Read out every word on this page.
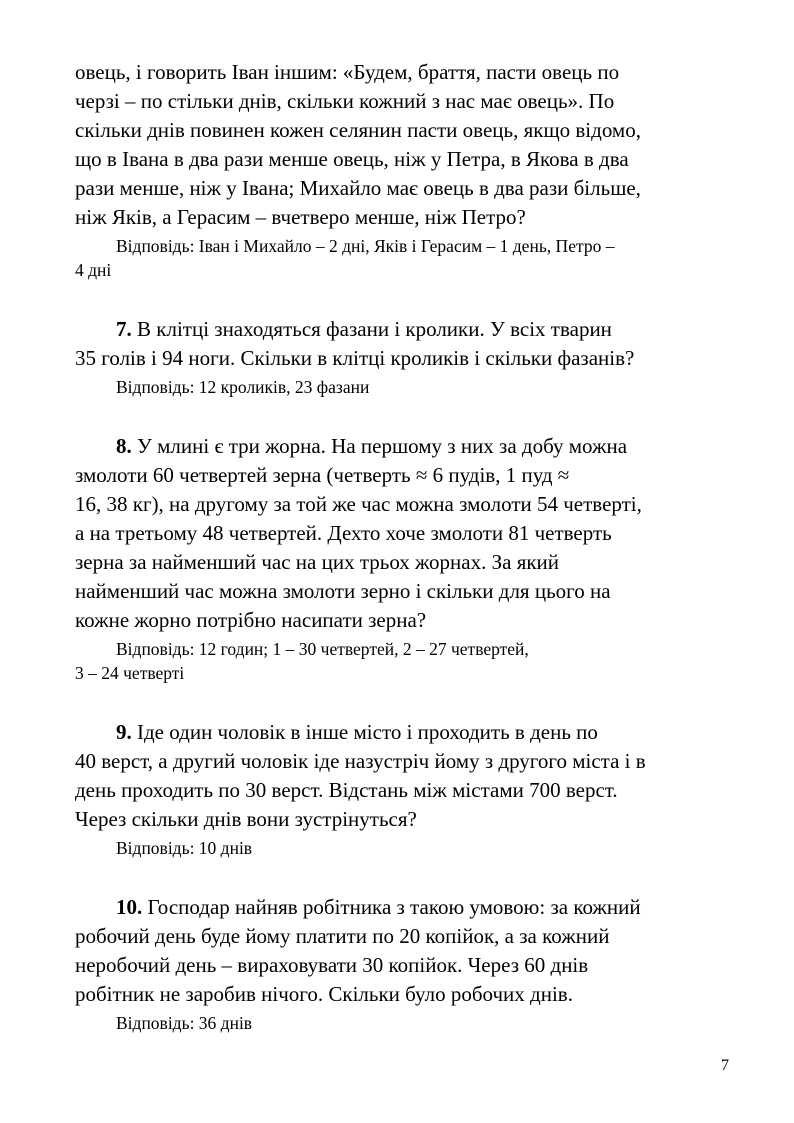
овець, і говорить Іван іншим: «Будем, браття, пасти овець по
черзі – по стільки днів, скільки кожний з нас має овець». По
скільки днів повинен кожен селянин пасти овець, якщо відомо,
що в Івана в два рази менше овець, ніж у Петра, в Якова в два
рази менше, ніж у Івана; Михайло має овець в два рази більше,
ніж Яків, а Герасим – вчетверо менше, ніж Петро?

Відповідь: Іван і Михайло – 2 дні, Яків і Герасим – 1 день, Петро –
4 дні

7. В клітці знаходяться фазани і кролики. У всіх тварин
35 голів і 94 ноги. Скільки в клітці кроликів і скільки фазанів?

Відповідь: 12 кроликів, 23 фазани

8. У млині є три жорна. На першому з них за добу можна
змолоти 60 четвертей зерна (четверть ≈ 6 пудів, 1 пуд ≈
16, 38 кг), на другому за той же час можна змолоти 54 четверті,
а на третьому 48 четвертей. Дехто хоче змолоти 81 четверть
зерна за найменший час на цих трьох жорнах. За який
найменший час можна змолоти зерно і скільки для цього на
кожне жорно потрібно насипати зерна?

Відповідь: 12 годин; 1 – 30 четвертей, 2 – 27 четвертей,
3 – 24 четверті

9. Іде один чоловік в інше місто і проходить в день по
40 верст, а другий чоловік іде назустріч йому з другого міста і в
день проходить по 30 верст. Відстань між містами 700 верст.
Через скільки днів вони зустрінуться?

Відповідь: 10 днів

10. Господар найняв робітника з такою умовою: за кожний
робочий день буде йому платити по 20 копійок, а за кожний
неробочий день – вираховувати 30 копійок. Через 60 днів
робітник не заробив нічого. Скільки було робочих днів.

Відповідь: 36 днів

7
